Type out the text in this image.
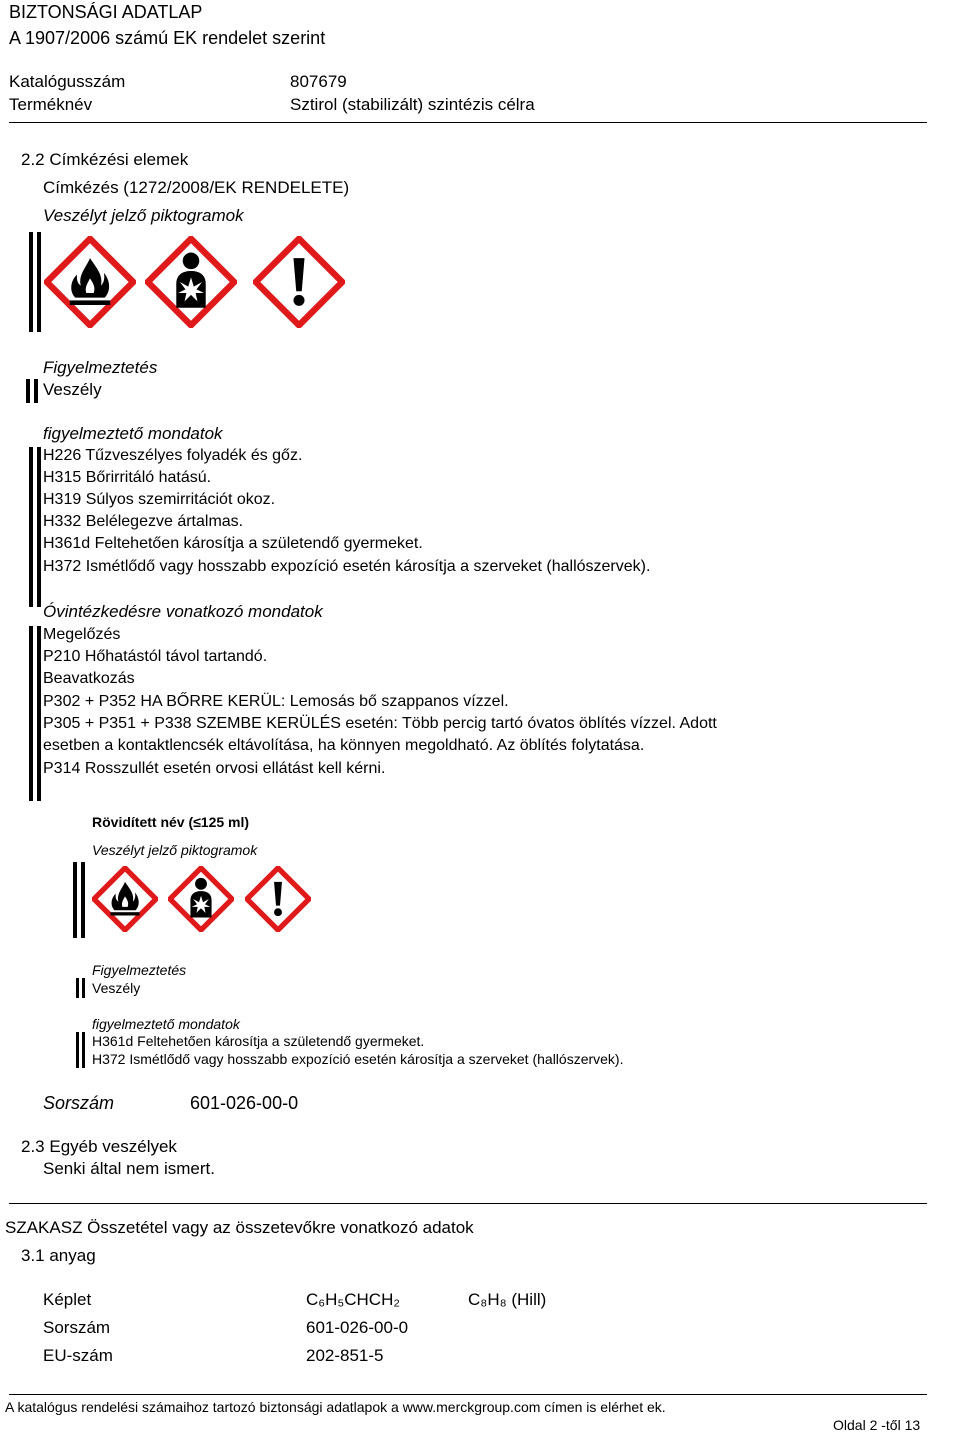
BIZTONSÁGI ADATLAP
A 1907/2006 számú EK rendelet szerint
Katalógusszám	807679
Terméknév	Sztirol (stabilizált) szintézis célra
2.2 Címkézési elemek
Címkézés (1272/2008/EK RENDELETE)
Veszélyt jelző piktogramok
Figyelmeztetés
Veszély
figyelmeztető mondatok
H226 Tűzveszélyes folyadék és gőz.
H315 Bőrirritáló hatású.
H319 Súlyos szemirritációt okoz.
H332 Belélegezve ártalmas.
H361d Feltehetően károsítja a születendő gyermeket.
H372 Ismétlődő vagy hosszabb expozíció esetén károsítja a szerveket (hallószervek).
Óvintézkedésre vonatkozó mondatok
Megelőzés
P210 Hőhatástól távol tartandó.
Beavatkozás
P302 + P352 HA BŐRRE KERÜL: Lemosás bő szappanos vízzel.
P305 + P351 + P338 SZEMBE KERÜLÉS esetén: Több percig tartó óvatos öblítés vízzel. Adott
esetben a kontaktlencsék eltávolítása, ha könnyen megoldható. Az öblítés folytatása.
P314 Rosszullét esetén orvosi ellátást kell kérni.
Rövidített név (≤125 ml)
Veszélyt jelző piktogramok
Figyelmeztetés
Veszély
figyelmeztető mondatok
H361d Feltehetően károsítja a születendő gyermeket.
H372 Ismétlődő vagy hosszabb expozíció esetén károsítja a szerveket (hallószervek).
Sorszám	601-026-00-0
2.3 Egyéb veszélyek
Senki által nem ismert.
SZAKASZ Összetétel vagy az összetevőkre vonatkozó adatok
3.1 anyag
Képlet	C₆H₅CHCH₂	C₈H₈ (Hill)
Sorszám	601-026-00-0
EU-szám	202-851-5
A katalógus rendelési számaihoz tartozó biztonsági adatlapok a www.merckgroup.com címen is elérhet ek.
Oldal 2 -től 13
